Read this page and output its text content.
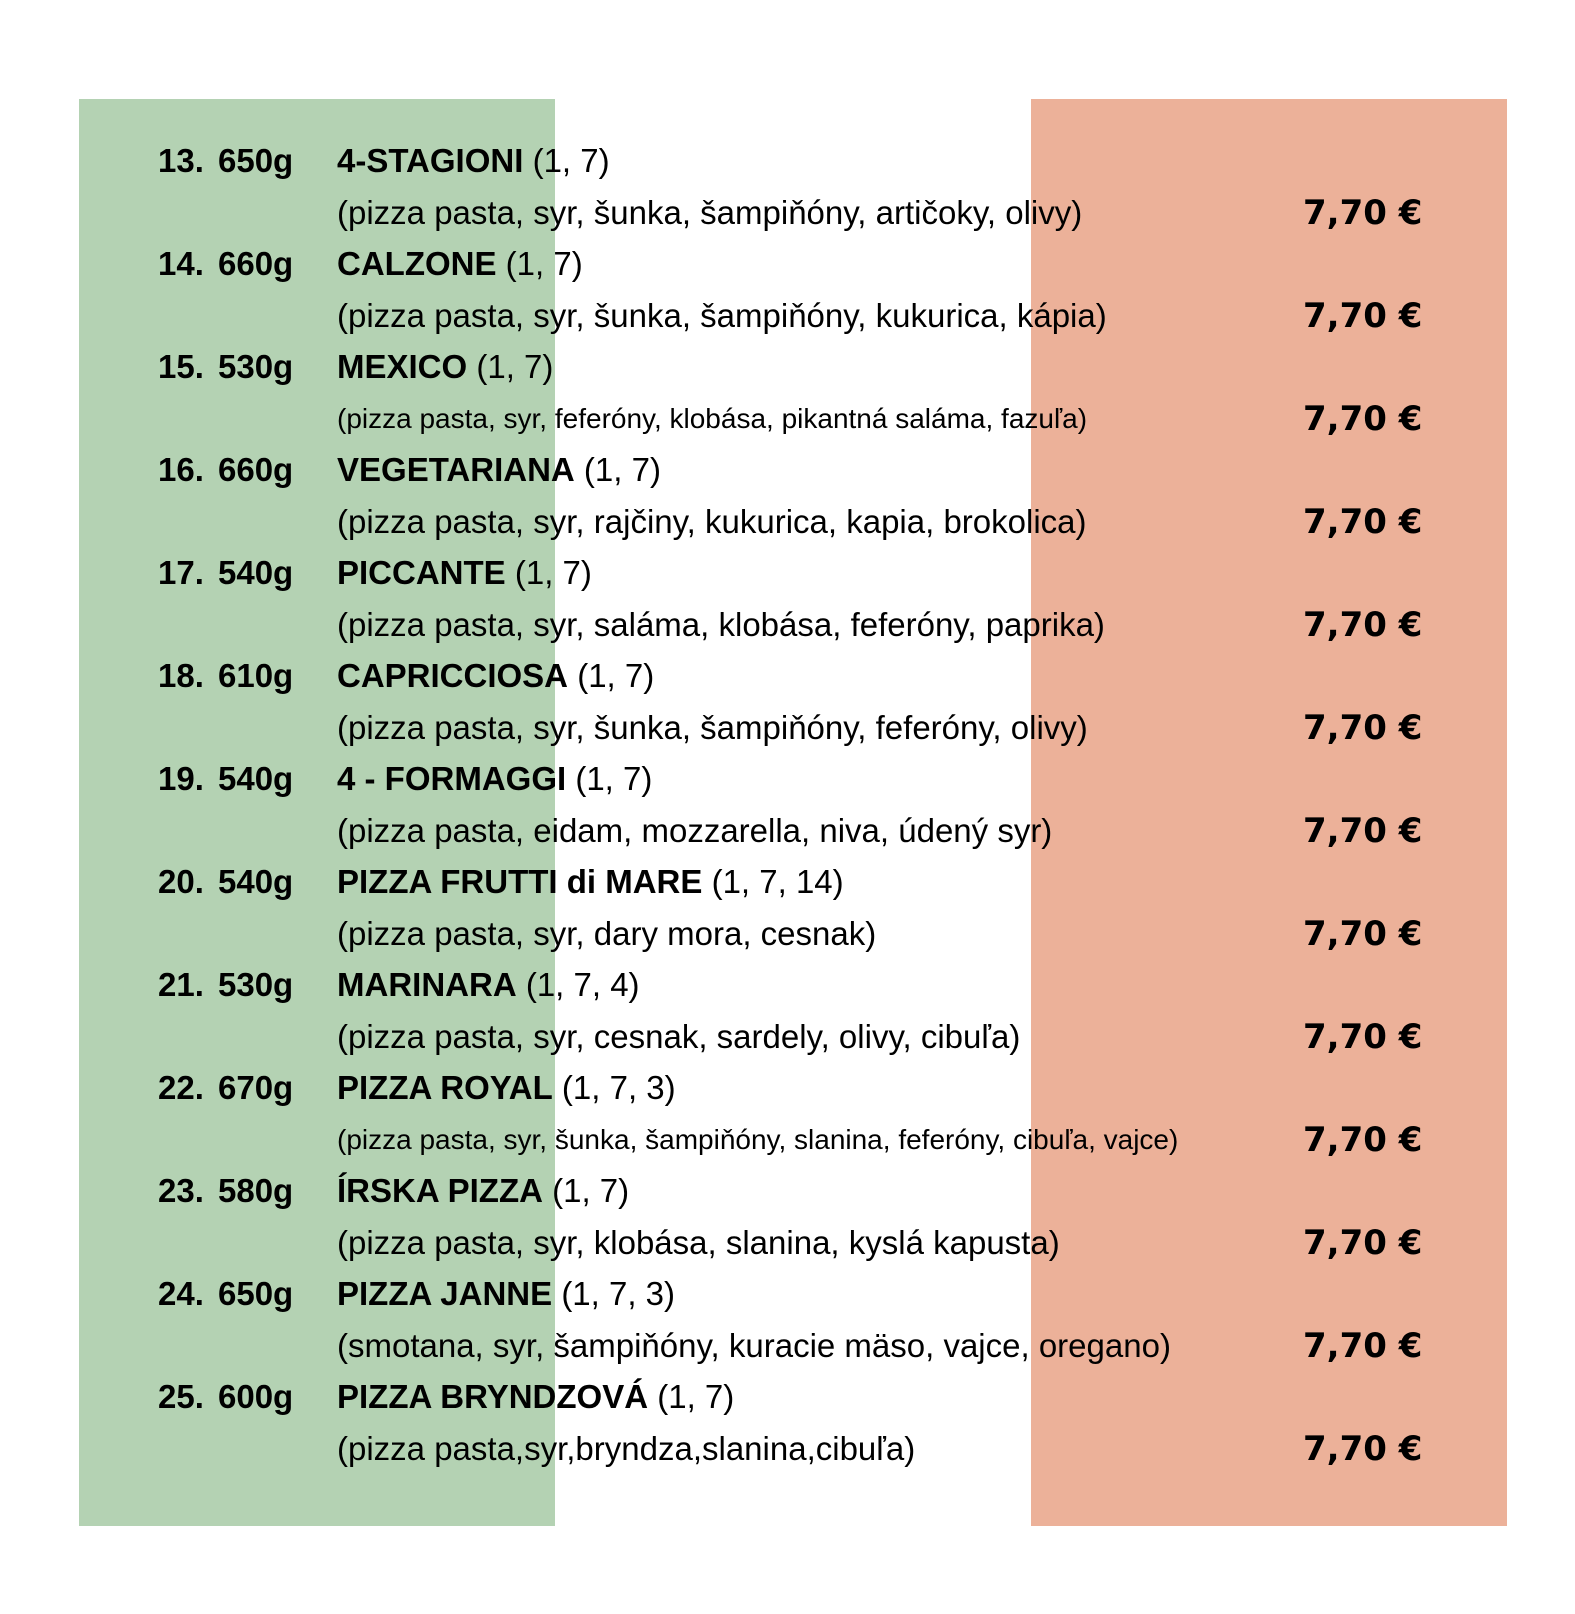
13. 650g 4-STAGIONI (1, 7)
(pizza pasta, syr, šunka, šampiňóny, artičoky, olivy)	7,70 €
14. 660g CALZONE (1, 7)
(pizza pasta, syr, šunka, šampiňóny, kukurica, kápia)	7,70 €
15. 530g MEXICO (1, 7)
(pizza pasta, syr, feferóny, klobása, pikantná saláma, fazuľa)	7,70 €
16. 660g VEGETARIANA (1, 7)
(pizza pasta, syr, rajčiny, kukurica, kapia, brokolica)	7,70 €
17. 540g PICCANTE (1, 7)
(pizza pasta, syr, saláma, klobása, feferóny, paprika)	7,70 €
18. 610g CAPRICCIOSA (1, 7)
(pizza pasta, syr, šunka, šampiňóny, feferóny, olivy)	7,70 €
19. 540g 4 - FORMAGGI (1, 7)
(pizza pasta, eidam, mozzarella, niva, údený syr)	7,70 €
20. 540g PIZZA FRUTTI di MARE (1, 7, 14)
(pizza pasta, syr, dary mora, cesnak)	7,70 €
21. 530g MARINARA (1, 7, 4)
(pizza pasta, syr, cesnak, sardely, olivy, cibuľa)	7,70 €
22. 670g PIZZA ROYAL (1, 7, 3)
(pizza pasta, syr, šunka, šampiňóny, slanina, feferóny, cibuľa, vajce)	7,70 €
23. 580g ÍRSKA PIZZA (1, 7)
(pizza pasta, syr, klobása, slanina, kyslá kapusta)	7,70 €
24. 650g PIZZA JANNE (1, 7, 3)
(smotana, syr, šampiňóny, kuracie mäso, vajce, oregano)	7,70 €
25. 600g PIZZA BRYNDZOVÁ (1, 7)
(pizza pasta,syr,bryndza,slanina,cibuľa)	7,70 €
